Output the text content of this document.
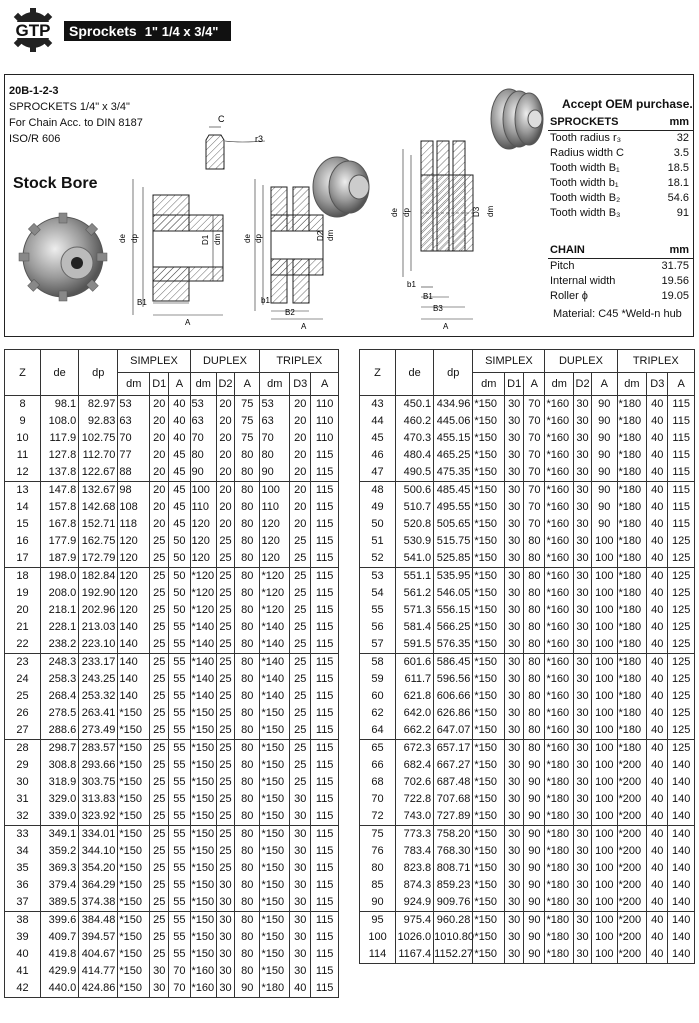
GTP	Sprockets 1" 1/4 x 3/4"
20B-1-2-3
SPROCKETS 1/4" x 3/4"
For Chain Acc. to DIN 8187
ISO/R 606
Stock Bore
C
r3
de dp	D1 dm
B1
A
de dp	D2 dm
b1
B2
A
de dp	D3 dm
b1
B1
B3
A
Accept OEM purchase.
SPROCKETS	mm
Tooth radius r₃	32
Radius width C	3.5
Tooth width B₁	18.5
Tooth width b₁	18.1
Tooth width B₂	54.6
Tooth width B₃	91
CHAIN	mm
Pitch	31.75
Internal width	19.56
Roller ϕ	19.05
Material: C45 *Weld-n hub
Z	de	dp	SIMPLEX			DUPLEX			TRIPLEX		
			dm	D1	A	dm	D2	A	dm	D3	A
8	98.1	82.97	53	20	40	53	20	75	53	20	110
9	108.0	92.83	63	20	40	63	20	75	63	20	110
10	117.9	102.75	70	20	40	70	20	75	70	20	110
11	127.8	112.70	77	20	45	80	20	80	80	20	115
12	137.8	122.67	88	20	45	90	20	80	90	20	115
13	147.8	132.67	98	20	45	100	20	80	100	20	115
14	157.8	142.68	108	20	45	110	20	80	110	20	115
15	167.8	152.71	118	20	45	120	20	80	120	20	115
16	177.9	162.75	120	25	50	120	25	80	120	25	115
17	187.9	172.79	120	25	50	120	25	80	120	25	115
18	198.0	182.84	120	25	50	*120	25	80	*120	25	115
19	208.0	192.90	120	25	50	*120	25	80	*120	25	115
20	218.1	202.96	120	25	50	*120	25	80	*120	25	115
21	228.1	213.03	140	25	55	*140	25	80	*140	25	115
22	238.2	223.10	140	25	55	*140	25	80	*140	25	115
23	248.3	233.17	140	25	55	*140	25	80	*140	25	115
24	258.3	243.25	140	25	55	*140	25	80	*140	25	115
25	268.4	253.32	140	25	55	*140	25	80	*140	25	115
26	278.5	263.41	*150	25	55	*150	25	80	*150	25	115
27	288.6	273.49	*150	25	55	*150	25	80	*150	25	115
28	298.7	283.57	*150	25	55	*150	25	80	*150	25	115
29	308.8	293.66	*150	25	55	*150	25	80	*150	25	115
30	318.9	303.75	*150	25	55	*150	25	80	*150	25	115
31	329.0	313.83	*150	25	55	*150	25	80	*150	30	115
32	339.0	323.92	*150	25	55	*150	25	80	*150	30	115
33	349.1	334.01	*150	25	55	*150	25	80	*150	30	115
34	359.2	344.10	*150	25	55	*150	25	80	*150	30	115
35	369.3	354.20	*150	25	55	*150	25	80	*150	30	115
36	379.4	364.29	*150	25	55	*150	30	80	*150	30	115
37	389.5	374.38	*150	25	55	*150	30	80	*150	30	115
38	399.6	384.48	*150	25	55	*150	30	80	*150	30	115
39	409.7	394.57	*150	25	55	*150	30	80	*150	30	115
40	419.8	404.67	*150	25	55	*150	30	80	*150	30	115
41	429.9	414.77	*150	30	70	*160	30	80	*150	30	115
42	440.0	424.86	*150	30	70	*160	30	90	*180	40	115
Z	de	dp	SIMPLEX			DUPLEX			TRIPLEX		
			dm	D1	A	dm	D2	A	dm	D3	A
43	450.1	434.96	*150	30	70	*160	30	90	*180	40	115
44	460.2	445.06	*150	30	70	*160	30	90	*180	40	115
45	470.3	455.15	*150	30	70	*160	30	90	*180	40	115
46	480.4	465.25	*150	30	70	*160	30	90	*180	40	115
47	490.5	475.35	*150	30	70	*160	30	90	*180	40	115
48	500.6	485.45	*150	30	70	*160	30	90	*180	40	115
49	510.7	495.55	*150	30	70	*160	30	90	*180	40	115
50	520.8	505.65	*150	30	70	*160	30	90	*180	40	115
51	530.9	515.75	*150	30	80	*160	30	100	*180	40	125
52	541.0	525.85	*150	30	80	*160	30	100	*180	40	125
53	551.1	535.95	*150	30	80	*160	30	100	*180	40	125
54	561.2	546.05	*150	30	80	*160	30	100	*180	40	125
55	571.3	556.15	*150	30	80	*160	30	100	*180	40	125
56	581.4	566.25	*150	30	80	*160	30	100	*180	40	125
57	591.5	576.35	*150	30	80	*160	30	100	*180	40	125
58	601.6	586.45	*150	30	80	*160	30	100	*180	40	125
59	611.7	596.56	*150	30	80	*160	30	100	*180	40	125
60	621.8	606.66	*150	30	80	*160	30	100	*180	40	125
62	642.0	626.86	*150	30	80	*160	30	100	*180	40	125
64	662.2	647.07	*150	30	80	*160	30	100	*180	40	125
65	672.3	657.17	*150	30	80	*160	30	100	*180	40	125
66	682.4	667.27	*150	30	90	*180	30	100	*200	40	140
68	702.6	687.48	*150	30	90	*180	30	100	*200	40	140
70	722.8	707.68	*150	30	90	*180	30	100	*200	40	140
72	743.0	727.89	*150	30	90	*180	30	100	*200	40	140
75	773.3	758.20	*150	30	90	*180	30	100	*200	40	140
76	783.4	768.30	*150	30	90	*180	30	100	*200	40	140
80	823.8	808.71	*150	30	90	*180	30	100	*200	40	140
85	874.3	859.23	*150	30	90	*180	30	100	*200	40	140
90	924.9	909.76	*150	30	90	*180	30	100	*200	40	140
95	975.4	960.28	*150	30	90	*180	30	100	*200	40	140
100	1026.0	1010.80	*150	30	90	*180	30	100	*200	40	140
114	1167.4	1152.27	*150	30	90	*180	30	100	*200	40	140
